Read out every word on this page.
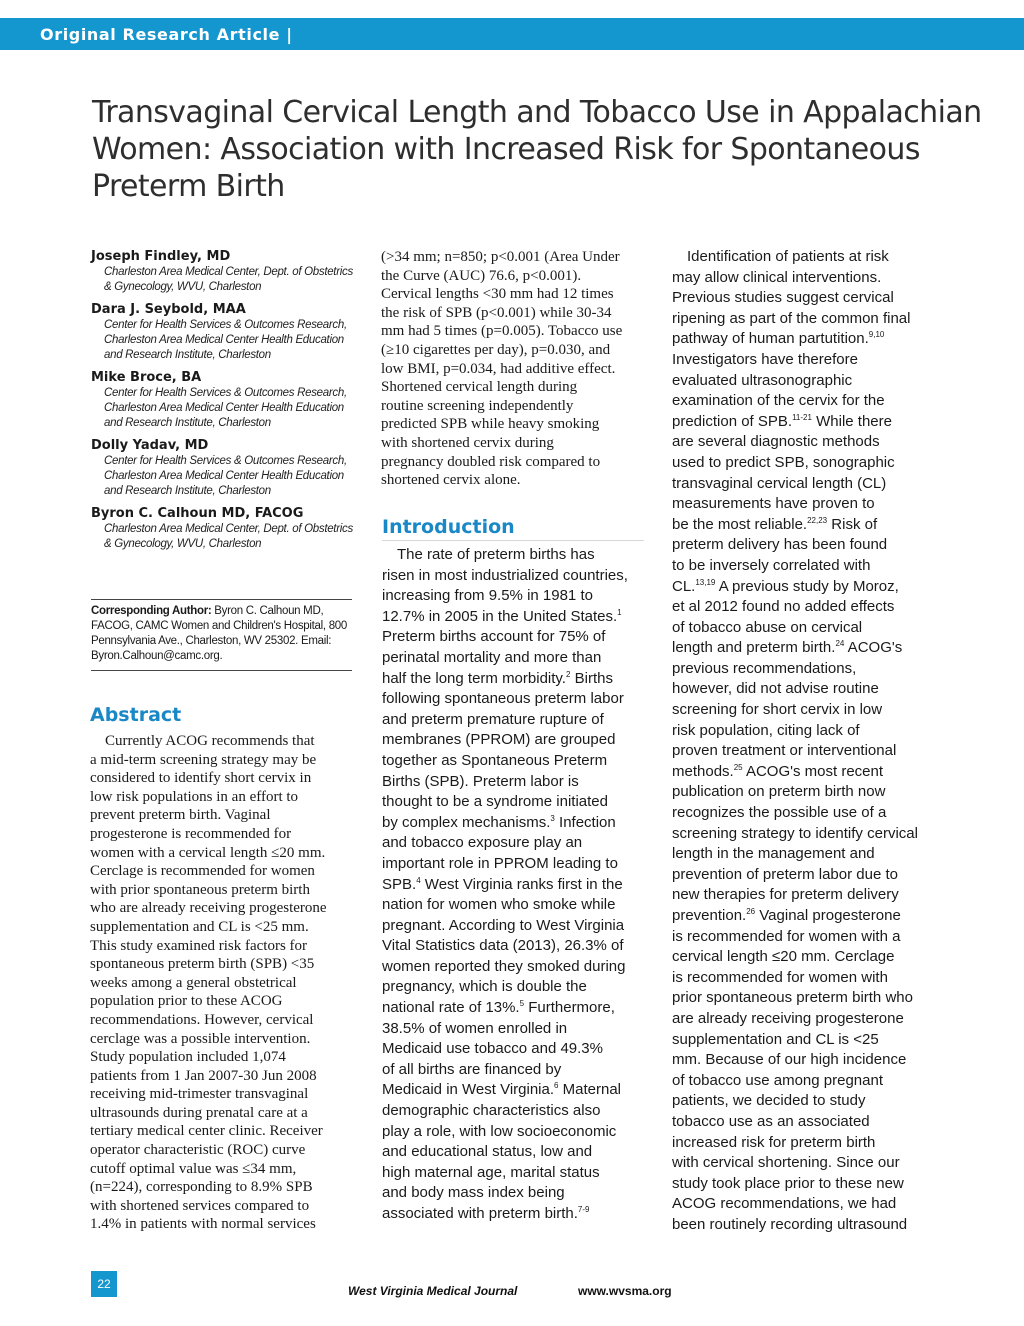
Original Research Article |
Transvaginal Cervical Length and Tobacco Use in Appalachian
Women: Association with Increased Risk for Spontaneous
Preterm Birth
Joseph Findley, MD
Charleston Area Medical Center, Dept. of Obstetrics
& Gynecology, WVU, Charleston
Dara J. Seybold, MAA
Center for Health Services & Outcomes Research,
Charleston Area Medical Center Health Education
and Research Institute, Charleston
Mike Broce, BA
Center for Health Services & Outcomes Research,
Charleston Area Medical Center Health Education
and Research Institute, Charleston
Dolly Yadav, MD
Center for Health Services & Outcomes Research,
Charleston Area Medical Center Health Education
and Research Institute, Charleston
Byron C. Calhoun MD, FACOG
Charleston Area Medical Center, Dept. of Obstetrics
& Gynecology, WVU, Charleston
Corresponding Author: Byron C. Calhoun MD,
FACOG, CAMC Women and Children's Hospital, 800
Pennsylvania Ave., Charleston, WV 25302. Email:
Byron.Calhoun@camc.org.
Abstract
Currently ACOG recommends that
a mid-term screening strategy may be
considered to identify short cervix in
low risk populations in an effort to
prevent preterm birth. Vaginal
progesterone is recommended for
women with a cervical length ≤20 mm.
Cerclage is recommended for women
with prior spontaneous preterm birth
who are already receiving progesterone
supplementation and CL is <25 mm.
This study examined risk factors for
spontaneous preterm birth (SPB) <35
weeks among a general obstetrical
population prior to these ACOG
recommendations. However, cervical
cerclage was a possible intervention.
Study population included 1,074
patients from 1 Jan 2007-30 Jun 2008
receiving mid-trimester transvaginal
ultrasounds during prenatal care at a
tertiary medical center clinic. Receiver
operator characteristic (ROC) curve
cutoff optimal value was ≤34 mm,
(n=224), corresponding to 8.9% SPB
with shortened services compared to
1.4% in patients with normal services
(>34 mm; n=850; p<0.001 (Area Under
the Curve (AUC) 76.6, p<0.001).
Cervical lengths <30 mm had 12 times
the risk of SPB (p<0.001) while 30-34
mm had 5 times (p=0.005). Tobacco use
(≥10 cigarettes per day), p=0.030, and
low BMI, p=0.034, had additive effect.
Shortened cervical length during
routine screening independently
predicted SPB while heavy smoking
with shortened cervix during
pregnancy doubled risk compared to
shortened cervix alone.
Introduction
The rate of preterm births has
risen in most industrialized countries,
increasing from 9.5% in 1981 to
12.7% in 2005 in the United States.$^1$
Preterm births account for 75% of
perinatal mortality and more than
half the long term morbidity.$^2$ Births
following spontaneous preterm labor
and preterm premature rupture of
membranes (PPROM) are grouped
together as Spontaneous Preterm
Births (SPB). Preterm labor is
thought to be a syndrome initiated
by complex mechanisms.$^3$ Infection
and tobacco exposure play an
important role in PPROM leading to
SPB.$^4$ West Virginia ranks first in the
nation for women who smoke while
pregnant. According to West Virginia
Vital Statistics data (2013), 26.3% of
women reported they smoked during
pregnancy, which is double the
national rate of 13%.$^5$ Furthermore,
38.5% of women enrolled in
Medicaid use tobacco and 49.3%
of all births are financed by
Medicaid in West Virginia.$^6$ Maternal
demographic characteristics also
play a role, with low socioeconomic
and educational status, low and
high maternal age, marital status
and body mass index being
associated with preterm birth.$^{7-9}$
Identification of patients at risk
may allow clinical interventions.
Previous studies suggest cervical
ripening as part of the common final
pathway of human partutition.$^{9,10}$
Investigators have therefore
evaluated ultrasonographic
examination of the cervix for the
prediction of SPB.$^{11-21}$ While there
are several diagnostic methods
used to predict SPB, sonographic
transvaginal cervical length (CL)
measurements have proven to
be the most reliable.$^{22,23}$ Risk of
preterm delivery has been found
to be inversely correlated with
CL.$^{13,19}$ A previous study by Moroz,
et al 2012 found no added effects
of tobacco abuse on cervical
length and preterm birth.$^{24}$ ACOG's
previous recommendations,
however, did not advise routine
screening for short cervix in low
risk population, citing lack of
proven treatment or interventional
methods.$^{25}$ ACOG's most recent
publication on preterm birth now
recognizes the possible use of a
screening strategy to identify cervical
length in the management and
prevention of preterm labor due to
new therapies for preterm delivery
prevention.$^{26}$ Vaginal progesterone
is recommended for women with a
cervical length ≤20 mm. Cerclage
is recommended for women with
prior spontaneous preterm birth who
are already receiving progesterone
supplementation and CL is <25
mm. Because of our high incidence
of tobacco use among pregnant
patients, we decided to study
tobacco use as an associated
increased risk for preterm birth
with cervical shortening. Since our
study took place prior to these new
ACOG recommendations, we had
been routinely recording ultrasound
22	West Virginia Medical Journal	www.wvsma.org
